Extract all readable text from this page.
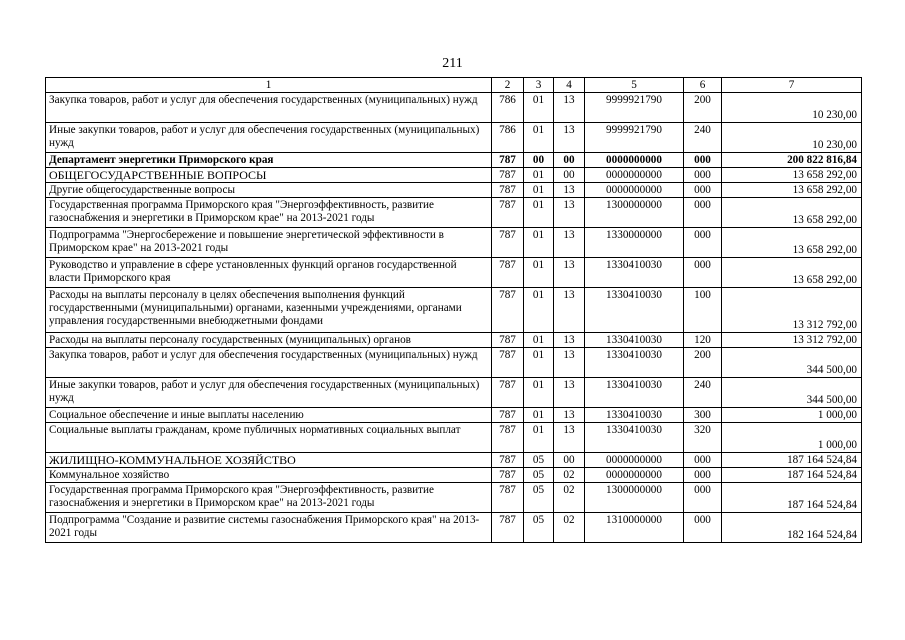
211
1	2	3	4	5	6	7
Закупка товаров, работ и услуг для обеспечения государственных (муниципальных) нужд	786	01	13	9999921790	200	10 230,00
Иные закупки товаров, работ и услуг для обеспечения государственных (муниципальных) нужд	786	01	13	9999921790	240	10 230,00
Департамент энергетики Приморского края	787	00	00	0000000000	000	200 822 816,84
ОБЩЕГОСУДАРСТВЕННЫЕ ВОПРОСЫ	787	01	00	0000000000	000	13 658 292,00
Другие общегосударственные вопросы	787	01	13	0000000000	000	13 658 292,00
Государственная программа Приморского края "Энергоэффективность, развитие газоснабжения и энергетики в Приморском крае" на 2013-2021 годы	787	01	13	1300000000	000	13 658 292,00
Подпрограмма "Энергосбережение и повышение энергетической эффективности в Приморском крае" на 2013-2021 годы	787	01	13	1330000000	000	13 658 292,00
Руководство и управление в сфере установленных функций органов государственной власти Приморского края	787	01	13	1330410030	000	13 658 292,00
Расходы на выплаты персоналу в целях обеспечения выполнения функций государственными (муниципальными) органами, казенными учреждениями, органами управления государственными внебюджетными фондами	787	01	13	1330410030	100	13 312 792,00
Расходы на выплаты персоналу государственных (муниципальных) органов	787	01	13	1330410030	120	13 312 792,00
Закупка товаров, работ и услуг для обеспечения государственных (муниципальных) нужд	787	01	13	1330410030	200	344 500,00
Иные закупки товаров, работ и услуг для обеспечения государственных (муниципальных) нужд	787	01	13	1330410030	240	344 500,00
Социальное обеспечение и иные выплаты населению	787	01	13	1330410030	300	1 000,00
Социальные выплаты гражданам, кроме публичных нормативных социальных выплат	787	01	13	1330410030	320	1 000,00
ЖИЛИЩНО-КОММУНАЛЬНОЕ ХОЗЯЙСТВО	787	05	00	0000000000	000	187 164 524,84
Коммунальное хозяйство	787	05	02	0000000000	000	187 164 524,84
Государственная программа Приморского края "Энергоэффективность, развитие газоснабжения и энергетики в Приморском крае" на 2013-2021 годы	787	05	02	1300000000	000	187 164 524,84
Подпрограмма "Создание и развитие системы газоснабжения Приморского края" на 2013-2021 годы	787	05	02	1310000000	000	182 164 524,84
